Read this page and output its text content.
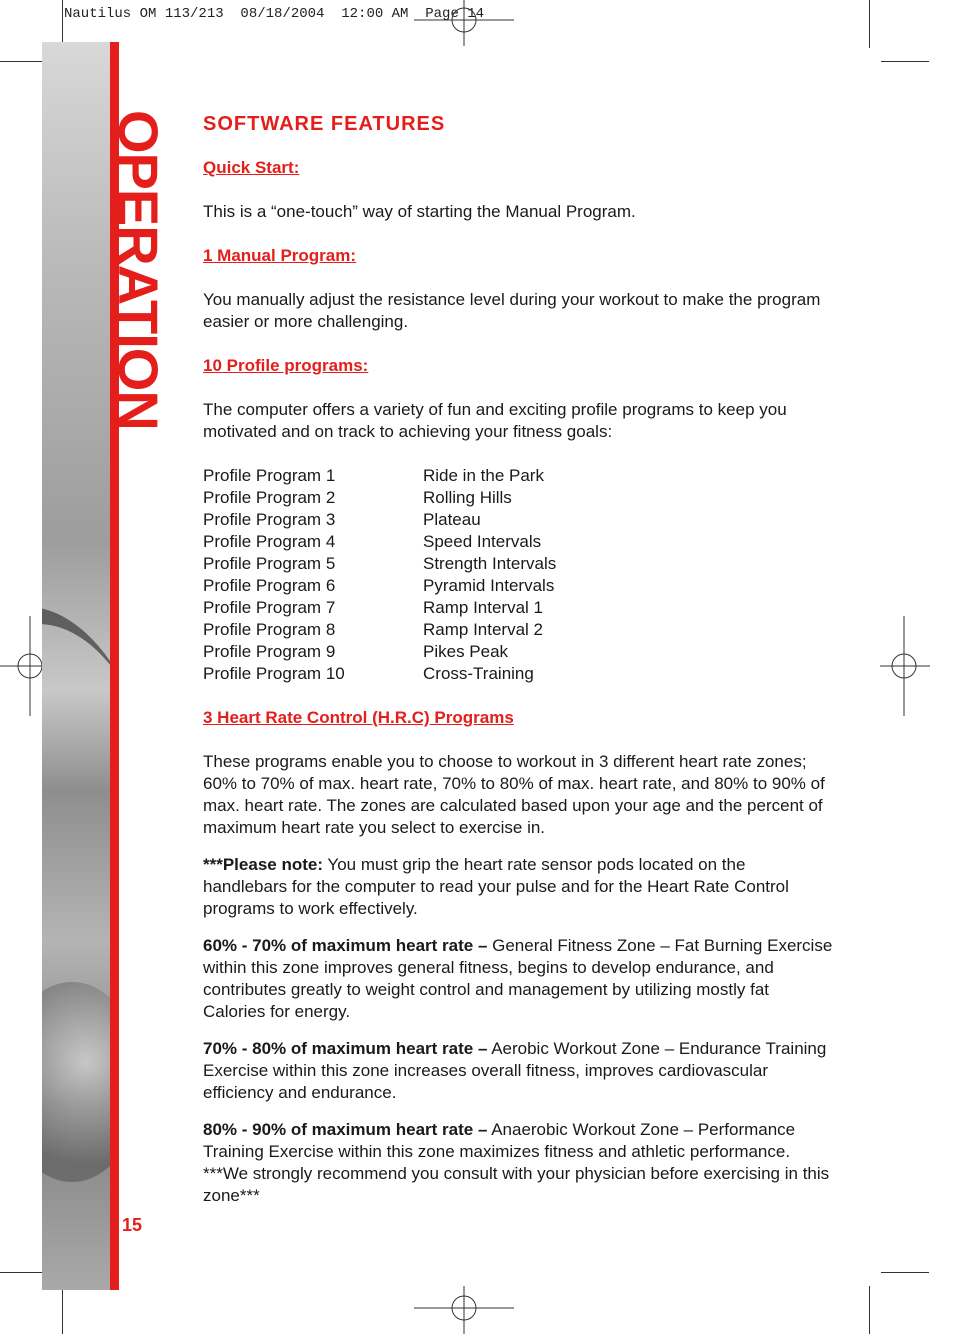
Nautilus OM 113/213  08/18/2004  12:00 AM  Page 14
OPERATION
15
SOFTWARE FEATURES
Quick Start:

This is a “one-touch” way of starting the Manual Program.

1 Manual Program:

You manually adjust the resistance level during your workout to make the program easier or more challenging.

10 Profile programs:

The computer offers a variety of fun and exciting profile programs to keep you motivated and on track to achieving your fitness goals:

Profile Program 1	Ride in the Park
Profile Program 2	Rolling Hills
Profile Program 3	Plateau
Profile Program 4	Speed Intervals
Profile Program 5	Strength Intervals
Profile Program 6	Pyramid Intervals
Profile Program 7	Ramp Interval 1
Profile Program 8	Ramp Interval 2
Profile Program 9	Pikes Peak
Profile Program 10	Cross-Training
3 Heart Rate Control (H.R.C) Programs

These programs enable you to choose to workout in 3 different heart rate zones; 60% to 70% of max. heart rate, 70% to 80% of max. heart rate, and 80% to 90% of max. heart rate. The zones are calculated based upon your age and the percent of maximum heart rate you select to exercise in.

***Please note: You must grip the heart rate sensor pods located on the handlebars for the computer to read your pulse and for the Heart Rate Control programs to work effectively.

60% - 70% of maximum heart rate – General Fitness Zone – Fat Burning Exercise within this zone improves general fitness, begins to develop endurance, and contributes greatly to weight control and management by utilizing mostly fat Calories for energy.

70% - 80% of maximum heart rate – Aerobic Workout Zone – Endurance Training Exercise within this zone increases overall fitness, improves cardiovascular efficiency and endurance.

80% - 90% of maximum heart rate – Anaerobic Workout Zone – Performance Training Exercise within this zone maximizes fitness and athletic performance. ***We strongly recommend you consult with your physician before exercising in this zone***
